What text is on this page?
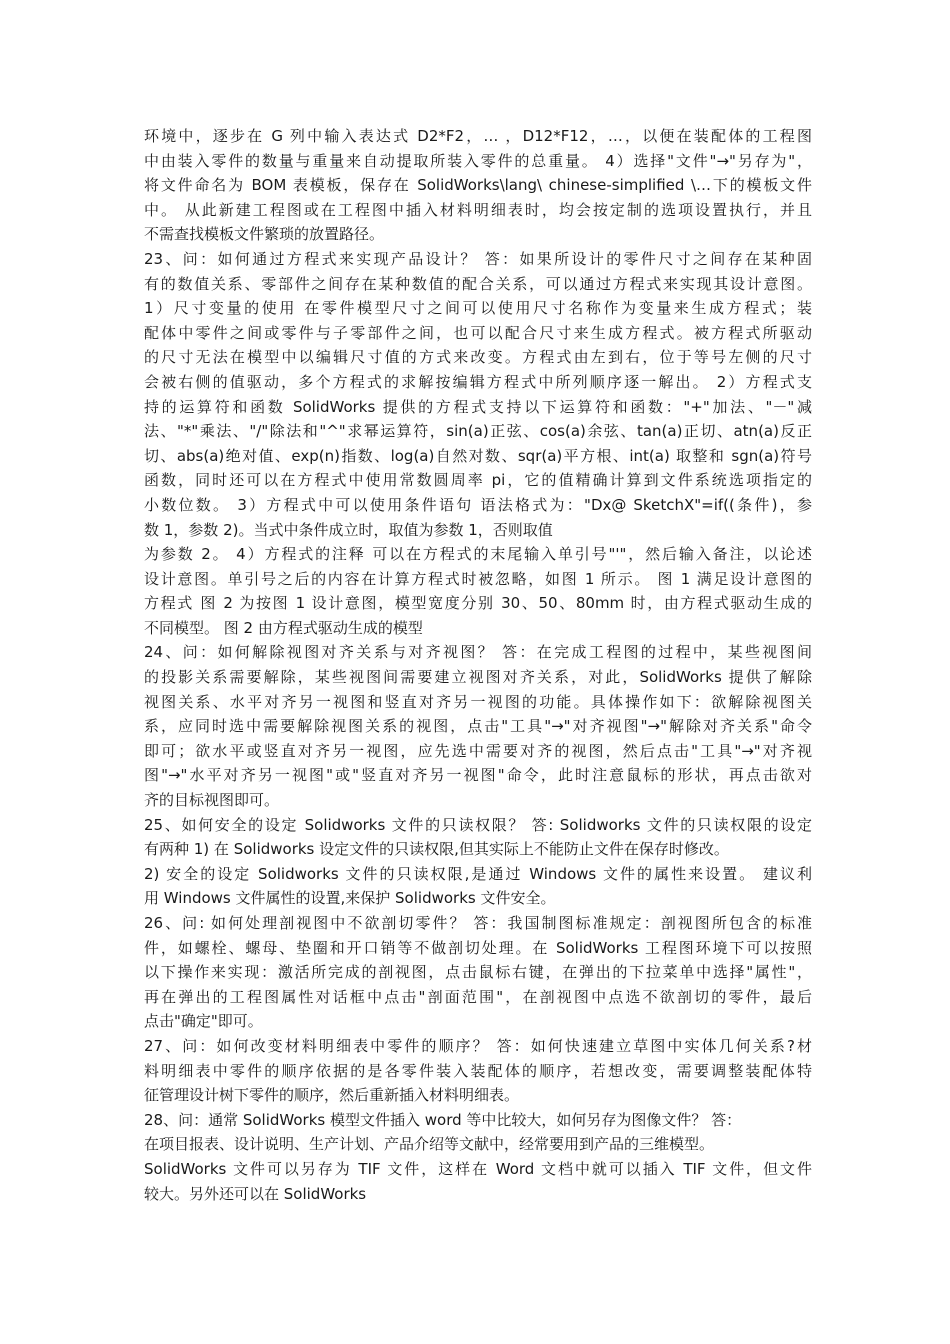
环境中，逐步在 G 列中输入表达式 D2*F2，… ，D12*F12，…，以便在装配体的工程图
中由装入零件的数量与重量来自动提取所装入零件的总重量。 4）选择"文件"→"另存为"，
将文件命名为 BOM 表模板，保存在 SolidWorks\lang\ chinese-simplified \…下的模板文件
中。 从此新建工程图或在工程图中插入材料明细表时，均会按定制的选项设置执行，并且
不需查找模板文件繁琐的放置路径。
23、问：如何通过方程式来实现产品设计？ 答：如果所设计的零件尺寸之间存在某种固
有的数值关系、零部件之间存在某种数值的配合关系，可以通过方程式来实现其设计意图。
1）尺寸变量的使用 在零件模型尺寸之间可以使用尺寸名称作为变量来生成方程式；装
配体中零件之间或零件与子零部件之间，也可以配合尺寸来生成方程式。被方程式所驱动
的尺寸无法在模型中以编辑尺寸值的方式来改变。方程式由左到右，位于等号左侧的尺寸
会被右侧的值驱动，多个方程式的求解按编辑方程式中所列顺序逐一解出。 2）方程式支
持的运算符和函数 SolidWorks 提供的方程式支持以下运算符和函数："+"加法、"－"减
法、"*"乘法、"/"除法和"^"求幂运算符，sin(a)正弦、cos(a)余弦、tan(a)正切、atn(a)反正
切、abs(a)绝对值、exp(n)指数、log(a)自然对数、sqr(a)平方根、int(a) 取整和 sgn(a)符号
函数，同时还可以在方程式中使用常数圆周率 pi，它的值精确计算到文件系统选项指定的
小数位数。 3）方程式中可以使用条件语句 语法格式为："Dx@ SketchX"=if((条件)，参
数 1，参数 2)。当式中条件成立时，取值为参数 1，否则取值
为参数 2。 4）方程式的注释 可以在方程式的末尾输入单引号"'"，然后输入备注，以论述
设计意图。单引号之后的内容在计算方程式时被忽略，如图 1 所示。 图 1 满足设计意图的
方程式 图 2 为按图 1 设计意图，模型宽度分别 30、50、80mm 时，由方程式驱动生成的
不同模型。 图 2 由方程式驱动生成的模型
24、问：如何解除视图对齐关系与对齐视图？ 答：在完成工程图的过程中，某些视图间
的投影关系需要解除，某些视图间需要建立视图对齐关系，对此，SolidWorks 提供了解除
视图关系、水平对齐另一视图和竖直对齐另一视图的功能。具体操作如下：欲解除视图关
系，应同时选中需要解除视图关系的视图，点击"工具"→"对齐视图"→"解除对齐关系"命令
即可；欲水平或竖直对齐另一视图，应先选中需要对齐的视图，然后点击"工具"→"对齐视
图"→"水平对齐另一视图"或"竖直对齐另一视图"命令，此时注意鼠标的形状，再点击欲对
齐的目标视图即可。
25、如何安全的设定 Solidworks 文件的只读权限？ 答: Solidworks 文件的只读权限的设定
有两种 1) 在 Solidworks 设定文件的只读权限,但其实际上不能防止文件在保存时修改。
2) 安全的设定 Solidworks 文件的只读权限,是通过 Windows 文件的属性来设置。 建议利
用 Windows 文件属性的设置,来保护 Solidworks 文件安全。
26、问: 如何处理剖视图中不欲剖切零件？ 答：我国制图标准规定：剖视图所包含的标准
件，如螺栓、螺母、垫圈和开口销等不做剖切处理。在 SolidWorks 工程图环境下可以按照
以下操作来实现：激活所完成的剖视图，点击鼠标右键，在弹出的下拉菜单中选择"属性"，
再在弹出的工程图属性对话框中点击"剖面范围"，在剖视图中点选不欲剖切的零件，最后
点击"确定"即可。
27、问：如何改变材料明细表中零件的顺序？ 答：如何快速建立草图中实体几何关系?材
料明细表中零件的顺序依据的是各零件装入装配体的顺序，若想改变，需要调整装配体特
征管理设计树下零件的顺序，然后重新插入材料明细表。
28、问：通常 SolidWorks 模型文件插入 word 等中比较大，如何另存为图像文件？ 答：
在项目报表、设计说明、生产计划、产品介绍等文献中，经常要用到产品的三维模型。
SolidWorks 文件可以另存为 TIF 文件，这样在 Word 文档中就可以插入 TIF 文件，但文件
较大。另外还可以在 SolidWorks
